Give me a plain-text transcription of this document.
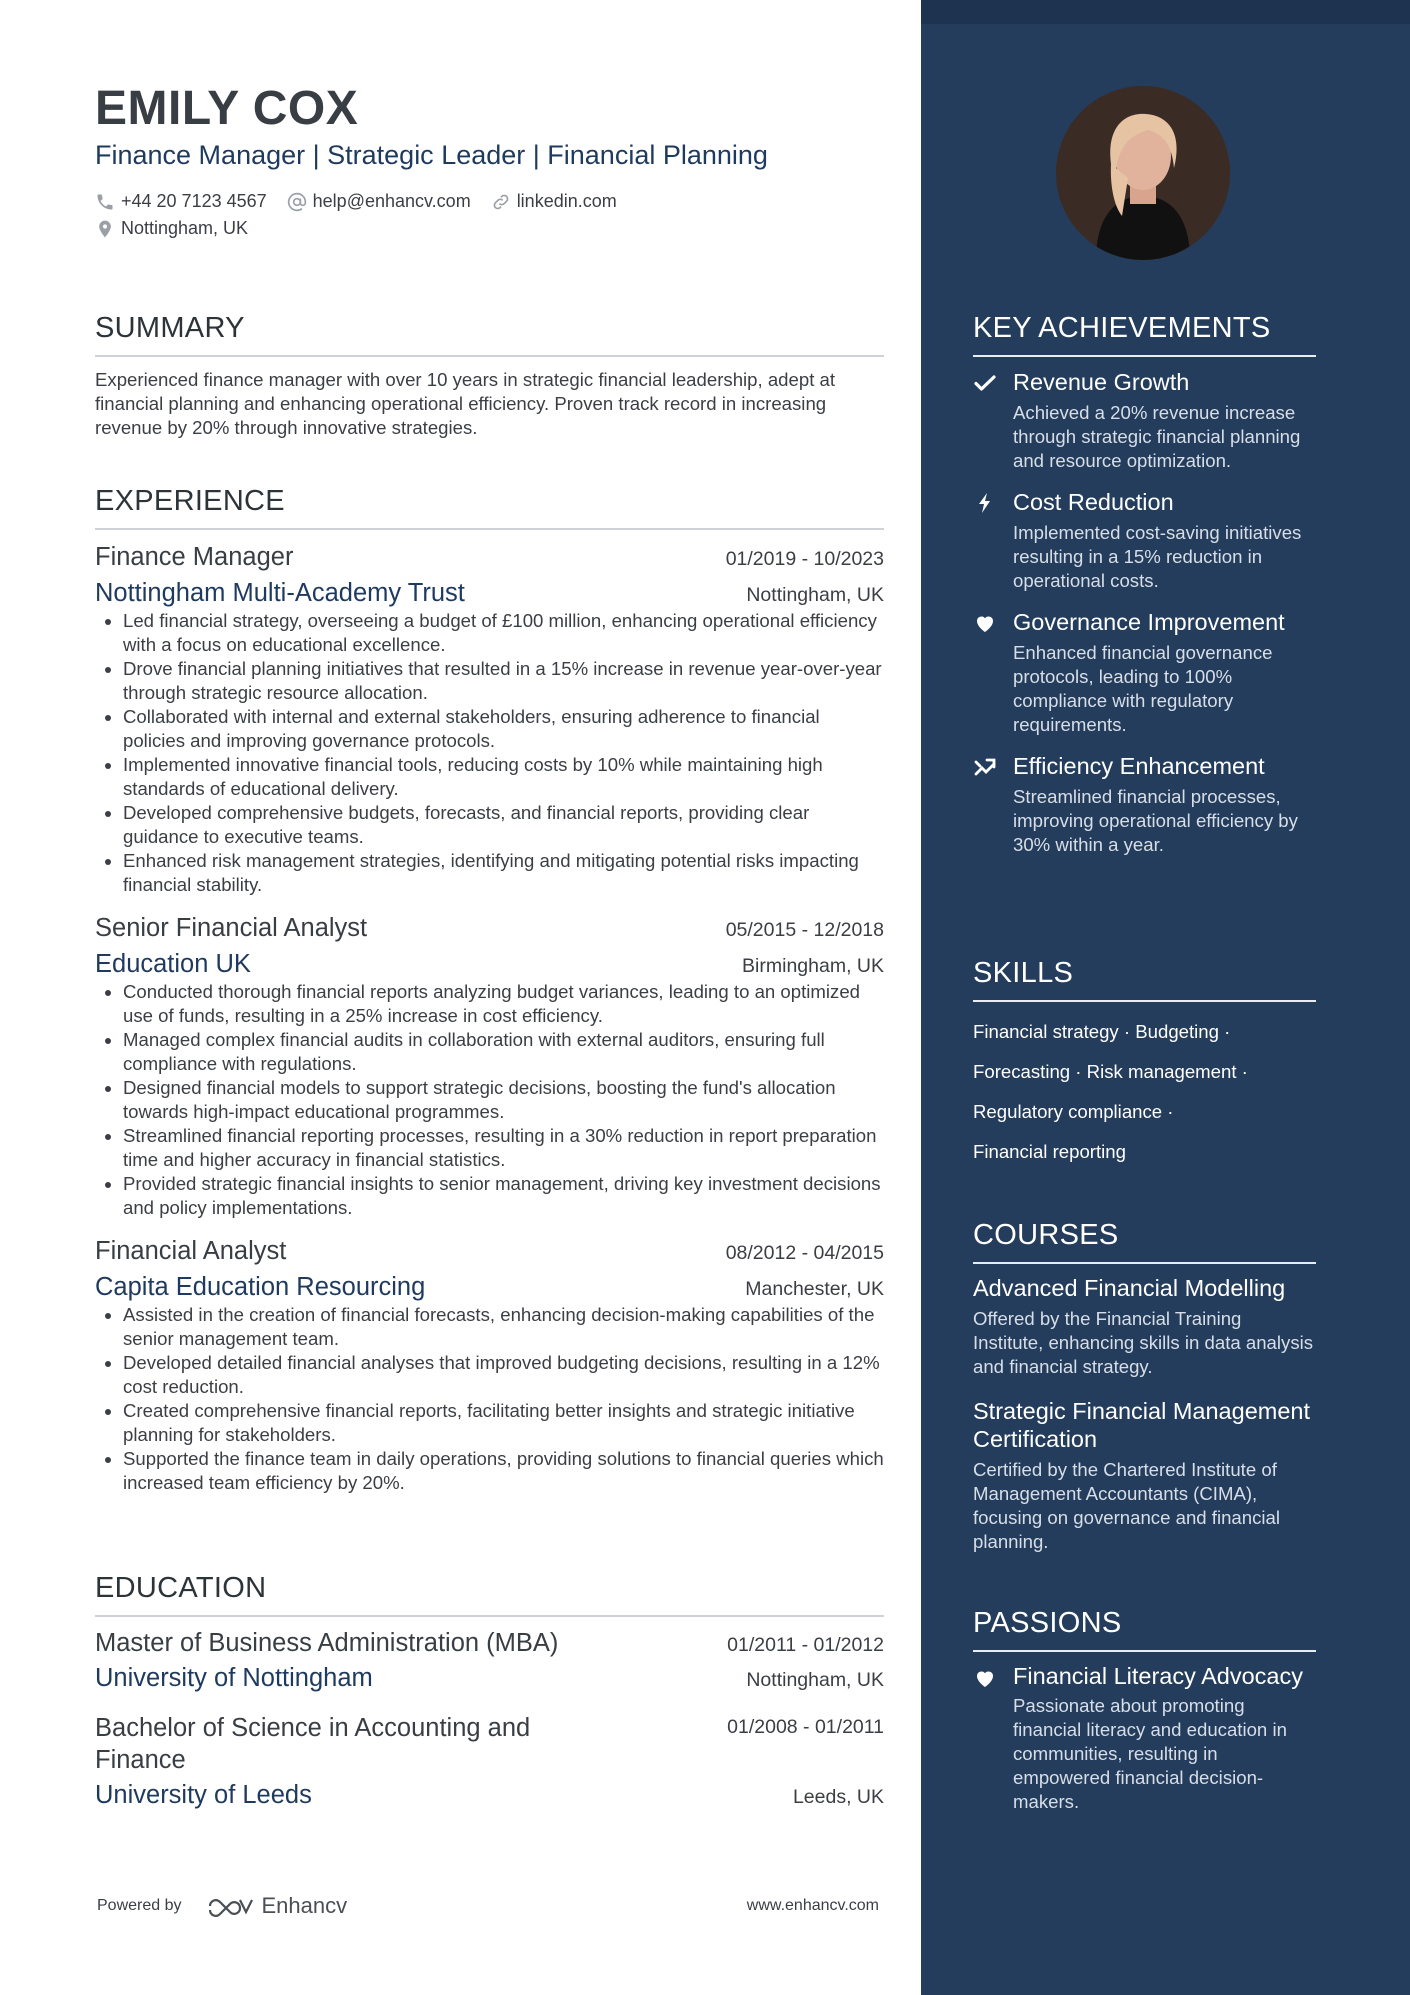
EMILY COX
Finance Manager | Strategic Leader | Financial Planning
+44 20 7123 4567	help@enhancv.com	linkedin.com
Nottingham, UK
SUMMARY
Experienced finance manager with over 10 years in strategic financial leadership, adept at financial planning and enhancing operational efficiency. Proven track record in increasing revenue by 20% through innovative strategies.
EXPERIENCE
Finance Manager	01/2019 - 10/2023
Nottingham Multi-Academy Trust	Nottingham, UK
• Led financial strategy, overseeing a budget of £100 million, enhancing operational efficiency with a focus on educational excellence.
• Drove financial planning initiatives that resulted in a 15% increase in revenue year-over-year through strategic resource allocation.
• Collaborated with internal and external stakeholders, ensuring adherence to financial policies and improving governance protocols.
• Implemented innovative financial tools, reducing costs by 10% while maintaining high standards of educational delivery.
• Developed comprehensive budgets, forecasts, and financial reports, providing clear guidance to executive teams.
• Enhanced risk management strategies, identifying and mitigating potential risks impacting financial stability.
Senior Financial Analyst	05/2015 - 12/2018
Education UK	Birmingham, UK
• Conducted thorough financial reports analyzing budget variances, leading to an optimized use of funds, resulting in a 25% increase in cost efficiency.
• Managed complex financial audits in collaboration with external auditors, ensuring full compliance with regulations.
• Designed financial models to support strategic decisions, boosting the fund's allocation towards high-impact educational programmes.
• Streamlined financial reporting processes, resulting in a 30% reduction in report preparation time and higher accuracy in financial statistics.
• Provided strategic financial insights to senior management, driving key investment decisions and policy implementations.
Financial Analyst	08/2012 - 04/2015
Capita Education Resourcing	Manchester, UK
• Assisted in the creation of financial forecasts, enhancing decision-making capabilities of the senior management team.
• Developed detailed financial analyses that improved budgeting decisions, resulting in a 12% cost reduction.
• Created comprehensive financial reports, facilitating better insights and strategic initiative planning for stakeholders.
• Supported the finance team in daily operations, providing solutions to financial queries which increased team efficiency by 20%.
EDUCATION
Master of Business Administration (MBA)	01/2011 - 01/2012
University of Nottingham	Nottingham, UK
Bachelor of Science in Accounting and Finance
01/2008 - 01/2011
University of Leeds	Leeds, UK
Powered by	Enhancv	www.enhancv.com
KEY ACHIEVEMENTS
Revenue Growth
Achieved a 20% revenue increase through strategic financial planning and resource optimization.
Cost Reduction
Implemented cost-saving initiatives resulting in a 15% reduction in operational costs.
Governance Improvement
Enhanced financial governance protocols, leading to 100% compliance with regulatory requirements.
Efficiency Enhancement
Streamlined financial processes, improving operational efficiency by 30% within a year.
SKILLS
Financial strategy · Budgeting ·
Forecasting · Risk management ·
Regulatory compliance ·
Financial reporting
COURSES
Advanced Financial Modelling
Offered by the Financial Training Institute, enhancing skills in data analysis and financial strategy.
Strategic Financial Management Certification
Certified by the Chartered Institute of Management Accountants (CIMA), focusing on governance and financial planning.
PASSIONS
Financial Literacy Advocacy
Passionate about promoting financial literacy and education in communities, resulting in empowered financial decision-makers.
